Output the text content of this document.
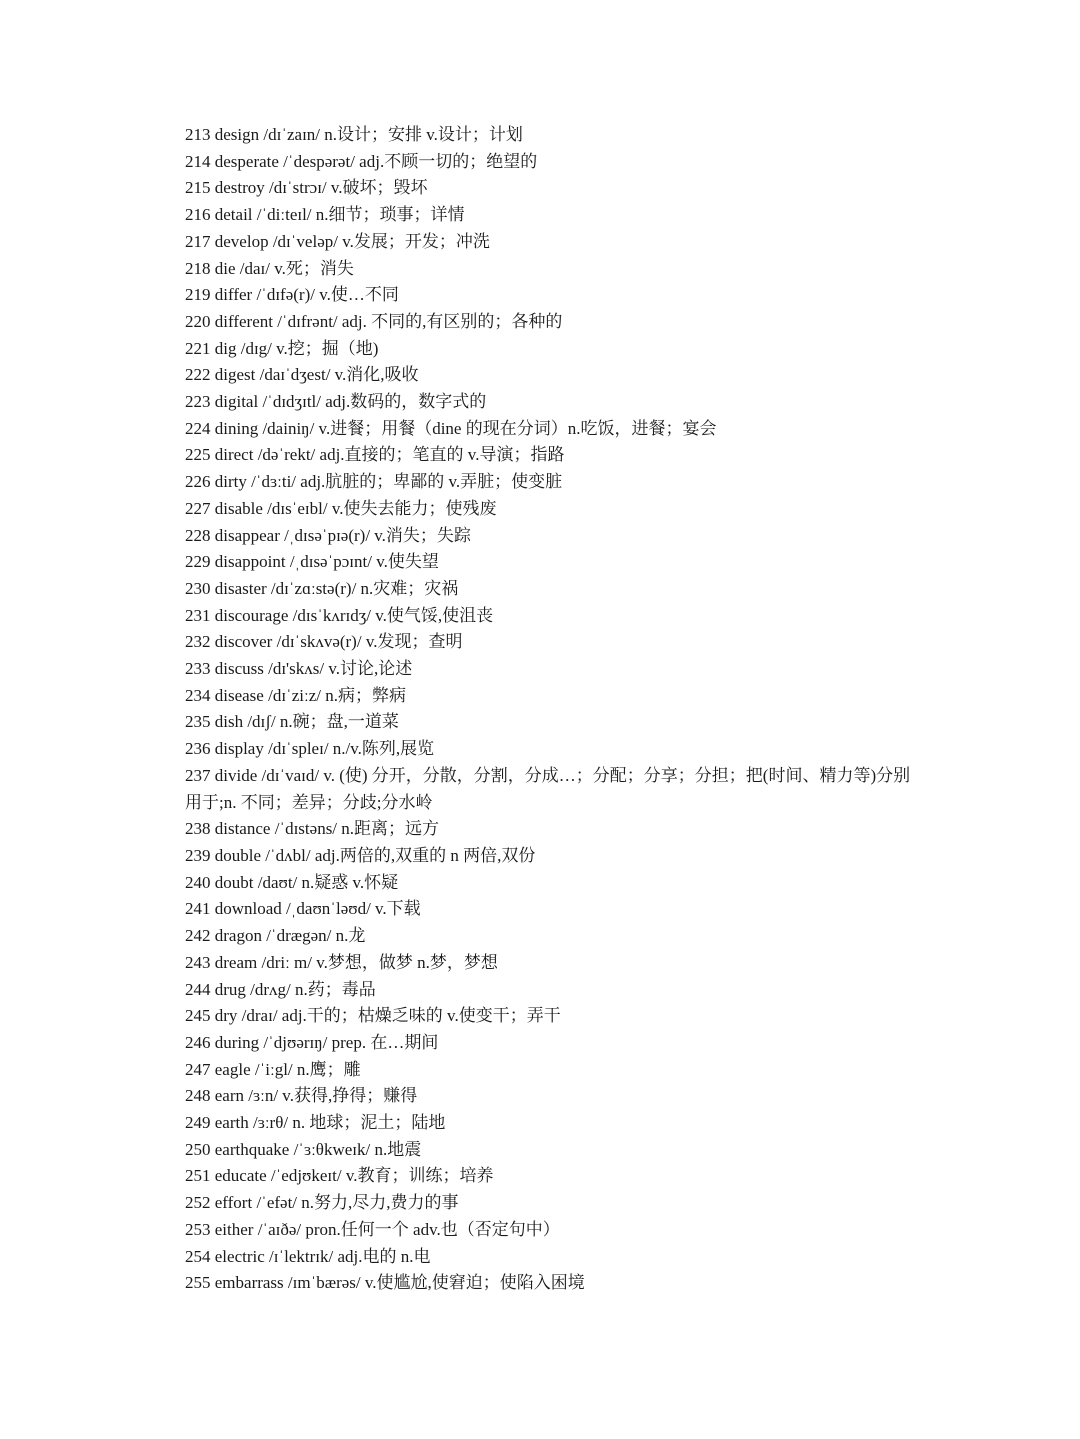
213 design /dɪˈzaɪn/ n.设计；安排 v.设计；计划
214 desperate /ˈdespərət/ adj.不顾一切的；绝望的
215 destroy /dɪˈstrɔɪ/ v.破坏；毁坏
216 detail /ˈdiːteɪl/ n.细节；琐事；详情
217 develop /dɪˈveləp/ v.发展；开发；冲洗
218 die /daɪ/ v.死；消失
219 differ /ˈdɪfə(r)/ v.使…不同
220 different /ˈdɪfrənt/ adj. 不同的,有区别的；各种的
221 dig /dɪg/ v.挖；掘（地)
222 digest /daɪˈdʒest/ v.消化,吸收
223 digital /ˈdɪdʒɪtl/ adj.数码的，数字式的
224 dining /dainiŋ/ v.进餐；用餐（dine 的现在分词）n.吃饭，进餐；宴会
225 direct /dəˈrekt/ adj.直接的；笔直的 v.导演；指路
226 dirty /ˈdɜːti/ adj.肮脏的；卑鄙的 v.弄脏；使变脏
227 disable /dɪsˈeɪbl/ v.使失去能力；使残废
228 disappear /ˌdɪsəˈpɪə(r)/ v.消失；失踪
229 disappoint /ˌdɪsəˈpɔɪnt/ v.使失望
230 disaster /dɪˈzɑːstə(r)/ n.灾难；灾祸
231 discourage /dɪsˈkʌrɪdʒ/ v.使气馁,使沮丧
232 discover /dɪˈskʌvə(r)/ v.发现；查明
233 discuss /dɪ'skʌs/ v.讨论,论述
234 disease /dɪˈziːz/ n.病；弊病
235 dish /dɪʃ/ n.碗；盘,一道菜
236 display /dɪˈspleɪ/ n./v.陈列,展览
237 divide /dɪˈvaɪd/ v. (使) 分开，分散，分割，分成…；分配；分享；分担；把(时间、精力等)分别用于;n. 不同；差异；分歧;分水岭
238 distance /ˈdɪstəns/ n.距离；远方
239 double /ˈdʌbl/ adj.两倍的,双重的 n 两倍,双份
240 doubt /daʊt/ n.疑惑 v.怀疑
241 download /ˌdaʊnˈləʊd/ v.下载
242 dragon /ˈdrægən/ n.龙
243 dream /driː m/ v.梦想，做梦 n.梦，梦想
244 drug /drʌg/ n.药；毒品
245 dry /draɪ/ adj.干的；枯燥乏味的 v.使变干；弄干
246 during /ˈdjʊərɪŋ/ prep. 在…期间
247 eagle /ˈiːgl/ n.鹰；雕
248 earn /ɜːn/ v.获得,挣得；赚得
249 earth /ɜːrθ/ n. 地球；泥土；陆地
250 earthquake /ˈɜːθkweɪk/ n.地震
251 educate /ˈedjʊkeɪt/ v.教育；训练；培养
252 effort /ˈefət/ n.努力,尽力,费力的事
253 either /ˈaɪðə/ pron.任何一个 adv.也（否定句中）
254 electric /ɪˈlektrɪk/ adj.电的 n.电
255 embarrass /ɪmˈbærəs/ v.使尴尬,使窘迫；使陷入困境
